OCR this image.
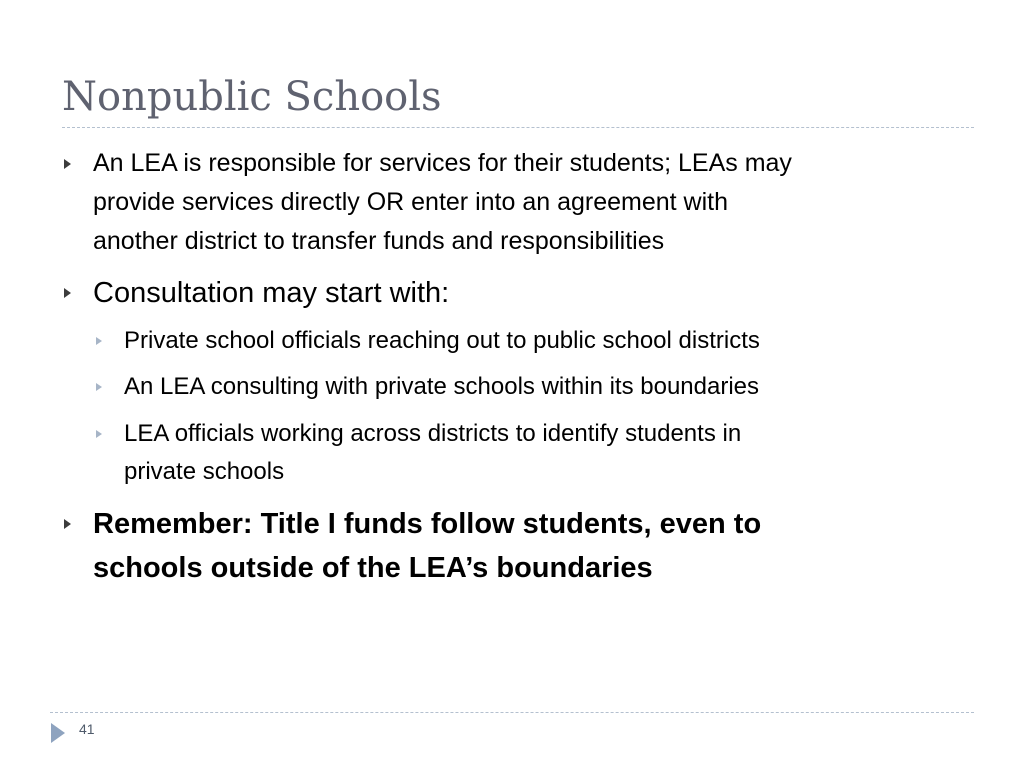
Nonpublic Schools
An LEA is responsible for services for their students; LEAs may
provide services directly OR enter into an agreement with
another district to transfer funds and responsibilities
Consultation may start with:
Private school officials reaching out to public school districts
An LEA consulting with private schools within its boundaries
LEA officials working across districts to identify students in
private schools
Remember: Title I funds follow students, even to
schools outside of the LEA’s boundaries
41
